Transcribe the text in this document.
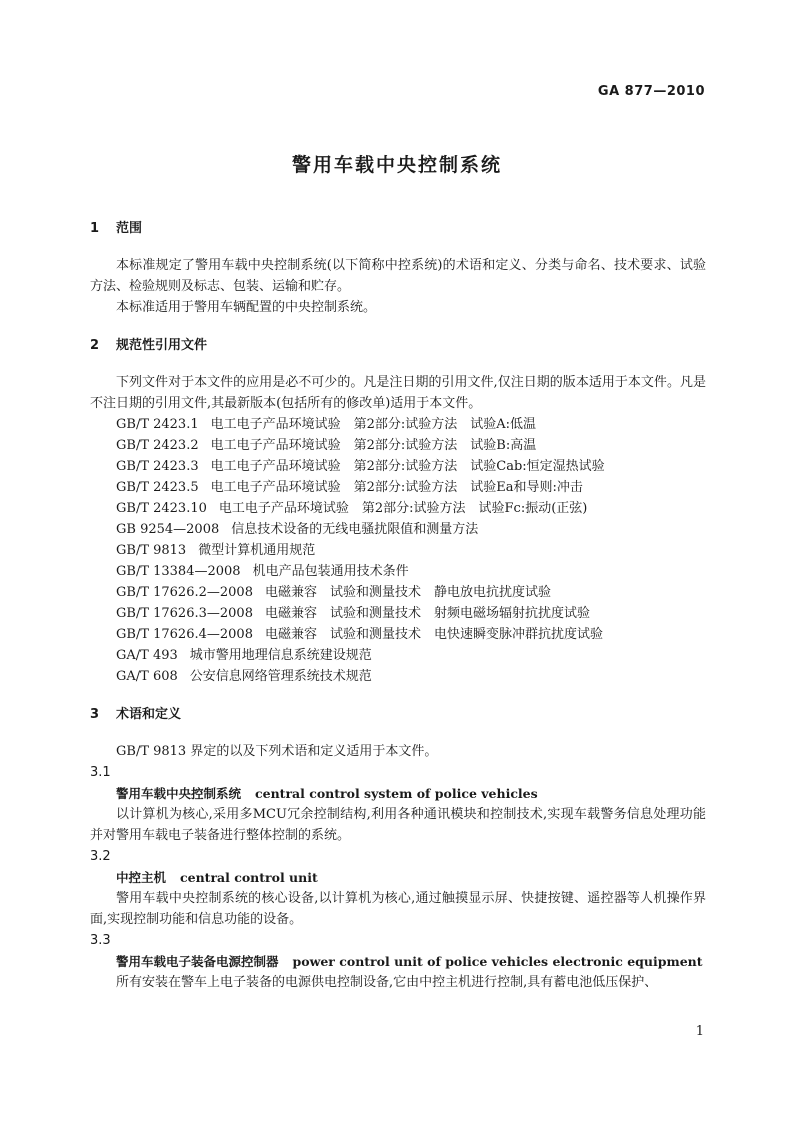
GA 877—2010
警用车载中央控制系统
1 范围

本标准规定了警用车载中央控制系统(以下简称中控系统)的术语和定义、分类与命名、技术要求、试验方法、检验规则及标志、包装、运输和贮存。

本标准适用于警用车辆配置的中央控制系统。

2 规范性引用文件

下列文件对于本文件的应用是必不可少的。凡是注日期的引用文件,仅注日期的版本适用于本文件。凡是不注日期的引用文件,其最新版本(包括所有的修改单)适用于本文件。

GB/T 2423.1 电工电子产品环境试验　第2部分:试验方法　试验A:低温
GB/T 2423.2 电工电子产品环境试验　第2部分:试验方法　试验B:高温
GB/T 2423.3 电工电子产品环境试验　第2部分:试验方法　试验Cab:恒定湿热试验
GB/T 2423.5 电工电子产品环境试验　第2部分:试验方法　试验Ea和导则:冲击
GB/T 2423.10 电工电子产品环境试验　第2部分:试验方法　试验Fc:振动(正弦)
GB 9254—2008 信息技术设备的无线电骚扰限值和测量方法
GB/T 9813 微型计算机通用规范
GB/T 13384—2008 机电产品包装通用技术条件
GB/T 17626.2—2008 电磁兼容　试验和测量技术　静电放电抗扰度试验
GB/T 17626.3—2008 电磁兼容　试验和测量技术　射频电磁场辐射抗扰度试验
GB/T 17626.4—2008 电磁兼容　试验和测量技术　电快速瞬变脉冲群抗扰度试验
GA/T 493 城市警用地理信息系统建设规范
GA/T 608 公安信息网络管理系统技术规范
3 术语和定义

GB/T 9813 界定的以及下列术语和定义适用于本文件。

3.1
警用车载中央控制系统 central control system of police vehicles

以计算机为核心,采用多MCU冗余控制结构,利用各种通讯模块和控制技术,实现车载警务信息处理功能并对警用车载电子装备进行整体控制的系统。

3.2
中控主机 central control unit

警用车载中央控制系统的核心设备,以计算机为核心,通过触摸显示屏、快捷按键、遥控器等人机操作界面,实现控制功能和信息功能的设备。

3.3
警用车载电子装备电源控制器 power control unit of police vehicles electronic equipment

所有安装在警车上电子装备的电源供电控制设备,它由中控主机进行控制,具有蓄电池低压保护、

1
